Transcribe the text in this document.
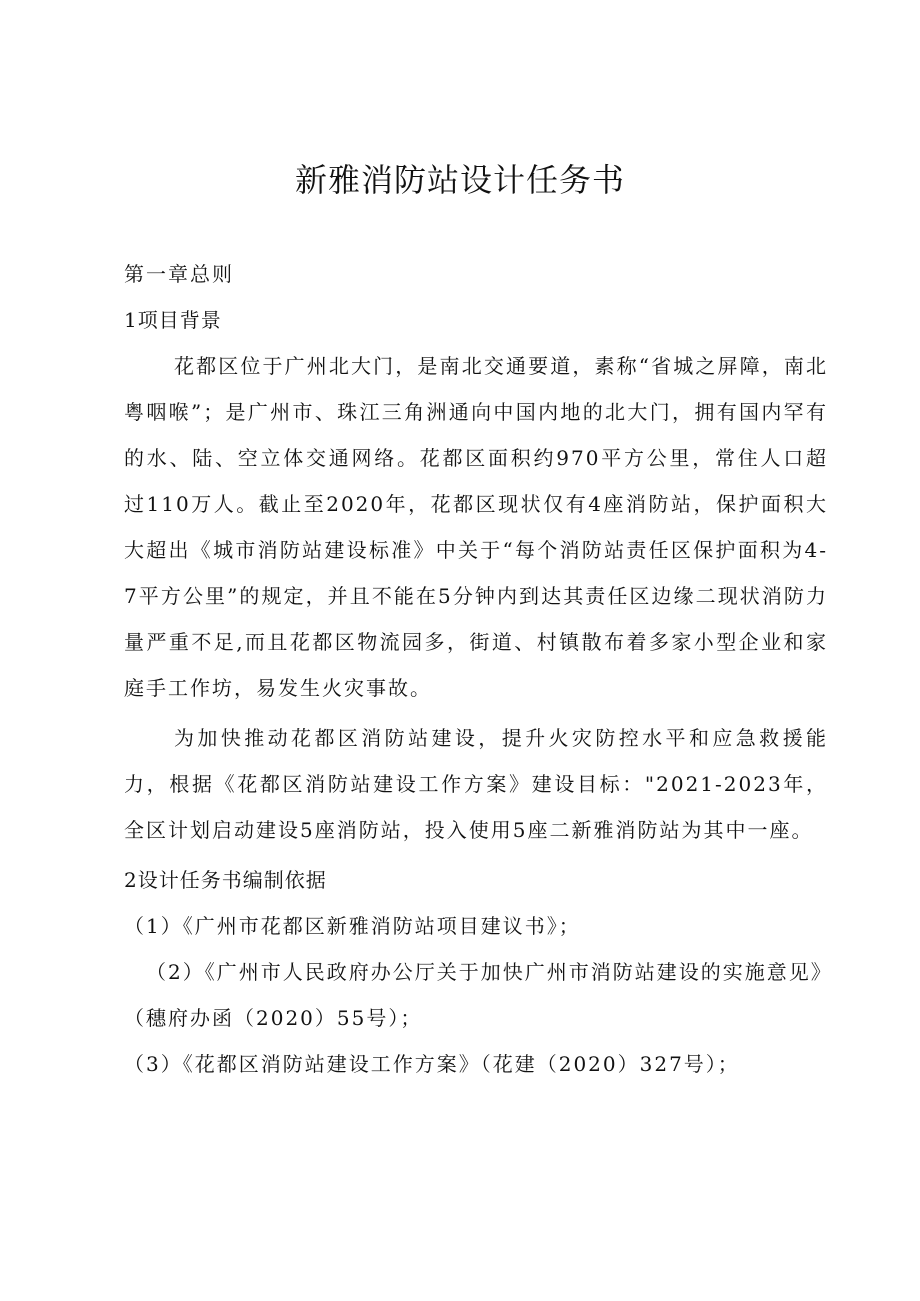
新雅消防站设计任务书

第一章总则

1项目背景

花都区位于广州北大门，是南北交通要道，素称“省城之屏障，南北粤咽喉”；是广州市、珠江三角洲通向中国内地的北大门，拥有国内罕有的水、陆、空立体交通网络。花都区面积约970平方公里，常住人口超过110万人。截止至2020年，花都区现状仅有4座消防站，保护面积大大超出《城市消防站建设标准》中关于“每个消防站责任区保护面积为4-7平方公里”的规定，并且不能在5分钟内到达其责任区边缘二现状消防力量严重不足,而且花都区物流园多，街道、村镇散布着多家小型企业和家庭手工作坊，易发生火灾事故。

为加快推动花都区消防站建设，提升火灾防控水平和应急救援能力，根据《花都区消防站建设工作方案》建设目标："2021-2023年，全区计划启动建设5座消防站，投入使用5座二新雅消防站为其中一座。

2设计任务书编制依据

（1）《广州市花都区新雅消防站项目建议书》；

（2）《广州市人民政府办公厅关于加快广州市消防站建设的实施意见》（穗府办函（2020）55号）；

（3）《花都区消防站建设工作方案》（花建（2020）327号）；
